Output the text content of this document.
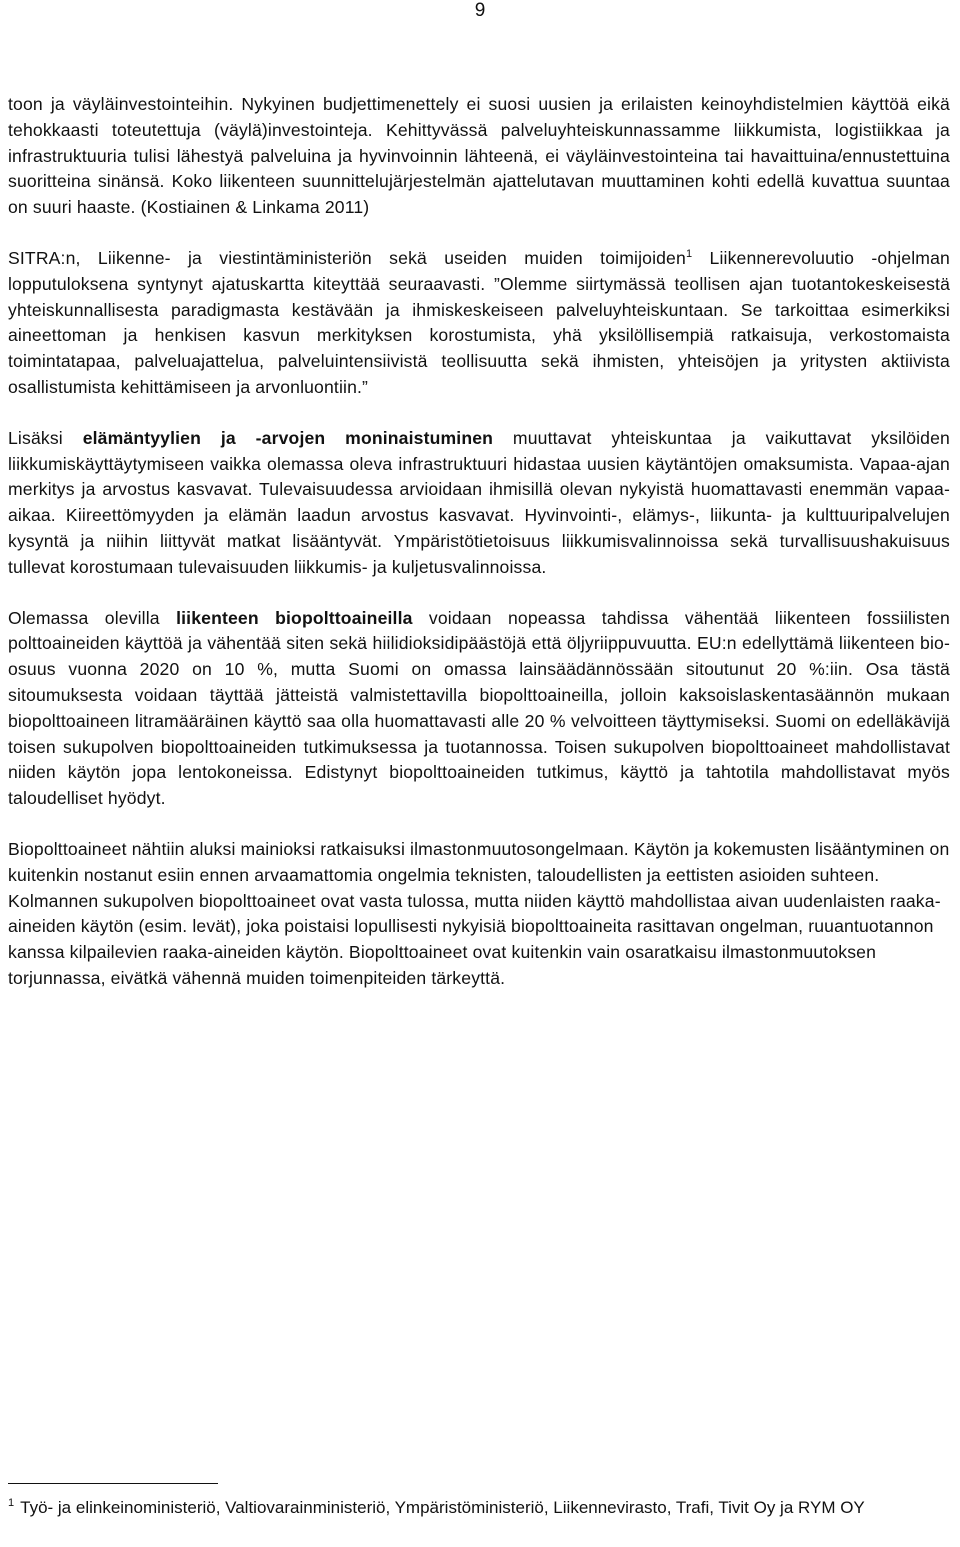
9

toon ja väyläinvestointeihin. Nykyinen budjettimenettely ei suosi uusien ja erilaisten keinoyhdistelmien käyttöä eikä tehokkaasti toteutettuja (väylä)investointeja. Kehittyvässä palveluyhteiskunnassamme liikkumista, logistiikkaa ja infrastruktuuria tulisi lähestyä palveluina ja hyvinvoinnin lähteenä, ei väyläinvestointeina tai havaittuina/ennustettuina suoritteina sinänsä. Koko liikenteen suunnittelujärjestelmän ajattelutavan muuttaminen kohti edellä kuvattua suuntaa on suuri haaste. (Kostiainen & Linkama 2011)

SITRA:n, Liikenne- ja viestintäministeriön sekä useiden muiden toimijoiden$^1$ Liikennerevoluutio -ohjelman lopputuloksena syntynyt ajatuskartta kiteyttää seuraavasti. ”Olemme siirtymässä teollisen ajan tuotantokeskeisestä yhteiskunnallisesta paradigmasta kestävään ja ihmiskeskeiseen palveluyhteiskuntaan. Se tarkoittaa esimerkiksi aineettoman ja henkisen kasvun merkityksen korostumista, yhä yksilöllisempiä ratkaisuja, verkostomaista toimintatapaa, palveluajattelua, palveluintensiivistä teollisuutta sekä ihmisten, yhteisöjen ja yritysten aktiivista osallistumista kehittämiseen ja arvonluontiin.”

Lisäksi elämäntyylien ja -arvojen moninaistuminen muuttavat yhteiskuntaa ja vaikuttavat yksilöiden liikkumiskäyttäytymiseen vaikka olemassa oleva infrastruktuuri hidastaa uusien käytäntöjen omaksumista. Vapaa-ajan merkitys ja arvostus kasvavat. Tulevaisuudessa arvioidaan ihmisillä olevan nykyistä huomattavasti enemmän vapaa-aikaa. Kiireettömyyden ja elämän laadun arvostus kasvavat. Hyvinvointi-, elämys-, liikunta- ja kulttuuripalvelujen kysyntä ja niihin liittyvät matkat lisääntyvät. Ympäristötietoisuus liikkumisvalinnoissa sekä turvallisuushakuisuus tullevat korostumaan tulevaisuuden liikkumis- ja kuljetusvalinnoissa.

Olemassa olevilla liikenteen biopolttoaineilla voidaan nopeassa tahdissa vähentää liikenteen fossiilisten polttoaineiden käyttöä ja vähentää siten sekä hiilidioksidipäästöjä että öljyriippuvuutta. EU:n edellyttämä liikenteen bio-osuus vuonna 2020 on 10 %, mutta Suomi on omassa lainsäädännössään sitoutunut 20 %:iin. Osa tästä sitoumuksesta voidaan täyttää jätteistä valmistettavilla biopolttoaineilla, jolloin kaksoislaskentasäännön mukaan biopolttoaineen litramääräinen käyttö saa olla huomattavasti alle 20 % velvoitteen täyttymiseksi. Suomi on edelläkävijä toisen sukupolven biopolttoaineiden tutkimuksessa ja tuotannossa. Toisen sukupolven biopolttoaineet mahdollistavat niiden käytön jopa lentokoneissa. Edistynyt biopolttoaineiden tutkimus, käyttö ja tahtotila mahdollistavat myös taloudelliset hyödyt.

Biopolttoaineet nähtiin aluksi mainioksi ratkaisuksi ilmastonmuutosongelmaan. Käytön ja kokemusten lisääntyminen on kuitenkin nostanut esiin ennen arvaamattomia ongelmia teknisten, taloudellisten ja eettisten asioiden suhteen. Kolmannen sukupolven biopolttoaineet ovat vasta tulossa, mutta niiden käyttö mahdollistaa aivan uudenlaisten raaka-aineiden käytön (esim. levät), joka poistaisi lopullisesti nykyisiä biopolttoaineita rasittavan ongelman, ruuantuotannon kanssa kilpailevien raaka-aineiden käytön. Biopolttoaineet ovat kuitenkin vain osaratkaisu ilmastonmuutoksen torjunnassa, eivätkä vähennä muiden toimenpiteiden tärkeyttä.

$^1$ Työ- ja elinkeinoministeriö, Valtiovarainministeriö, Ympäristöministeriö, Liikennevirasto, Trafi, Tivit Oy ja RYM OY
